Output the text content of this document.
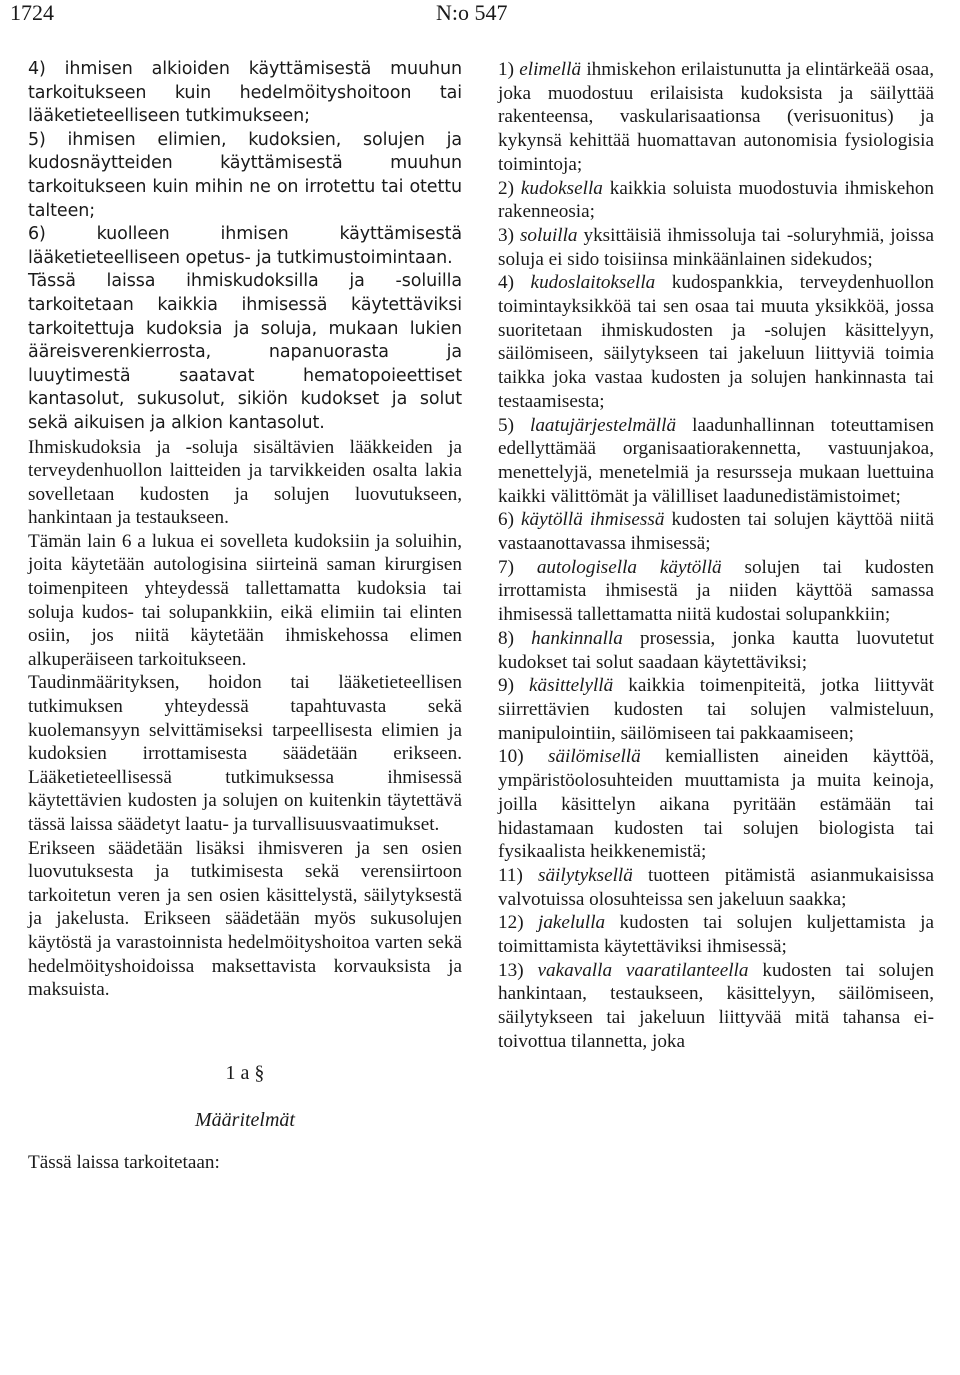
1724	N:o 547

4) ihmisen alkioiden käyttämisestä muuhun tarkoitukseen kuin hedelmöityshoitoon tai lääketieteelliseen tutkimukseen;

5) ihmisen elimien, kudoksien, solujen ja kudosnäytteiden käyttämisestä muuhun tarkoitukseen kuin mihin ne on irrotettu tai otettu talteen;

6) kuolleen ihmisen käyttämisestä lääketieteelliseen opetus- ja tutkimustoimintaan.

Tässä laissa ihmiskudoksilla ja -soluilla tarkoitetaan kaikkia ihmisessä käytettäviksi tarkoitettuja kudoksia ja soluja, mukaan lukien ääreisverenkierrosta, napanuorasta ja luuytimestä saatavat hematopoieettiset kantasolut, sukusolut, sikiön kudokset ja solut sekä aikuisen ja alkion kantasolut.

Ihmiskudoksia ja -soluja sisältävien lääkkeiden ja terveydenhuollon laitteiden ja tarvikkeiden osalta lakia sovelletaan kudosten ja solujen luovutukseen, hankintaan ja testaukseen.

Tämän lain 6 a lukua ei sovelleta kudoksiin ja soluihin, joita käytetään autologisina siirteinä saman kirurgisen toimenpiteen yhteydessä tallettamatta kudoksia tai soluja kudos- tai solupankkiin, eikä elimiin tai elinten osiin, jos niitä käytetään ihmiskehossa elimen alkuperäiseen tarkoitukseen.

Taudinmäärityksen, hoidon tai lääketieteellisen tutkimuksen yhteydessä tapahtuvasta sekä kuolemansyyn selvittämiseksi tarpeellisesta elimien ja kudoksien irrottamisesta säädetään erikseen. Lääketieteellisessä tutkimuksessa ihmisessä käytettävien kudosten ja solujen on kuitenkin täytettävä tässä laissa säädetyt laatu- ja turvallisuusvaatimukset.

Erikseen säädetään lisäksi ihmisveren ja sen osien luovutuksesta ja tutkimisesta sekä verensiirtoon tarkoitetun veren ja sen osien käsittelystä, säilytyksestä ja jakelusta. Erikseen säädetään myös sukusolujen käytöstä ja varastoinnista hedelmöityshoitoa varten sekä hedelmöityshoidoissa maksettavista korvauksista ja maksuista.

1 a §
Määritelmät
Tässä laissa tarkoitetaan:

1) elimellä ihmiskehon erilaistunutta ja elintärkeää osaa, joka muodostuu erilaisista kudoksista ja säilyttää rakenteensa, vaskularisaationsa (verisuonitus) ja kykynsä kehittää huomattavan autonomisia fysiologisia toimintoja;

2) kudoksella kaikkia soluista muodostuvia ihmiskehon rakenneosia;

3) soluilla yksittäisiä ihmissoluja tai -soluryhmiä, joissa soluja ei sido toisiinsa minkäänlainen sidekudos;

4) kudoslaitoksella kudospankkia, terveydenhuollon toimintayksikköä tai sen osaa tai muuta yksikköä, jossa suoritetaan ihmiskudosten ja -solujen käsittelyyn, säilömiseen, säilytykseen tai jakeluun liittyviä toimia taikka joka vastaa kudosten ja solujen hankinnasta tai testaamisesta;

5) laatujärjestelmällä laadunhallinnan toteuttamisen edellyttämää organisaatiorakennetta, vastuunjakoa, menettelyjä, menetelmiä ja resursseja mukaan luettuina kaikki välittömät ja välilliset laadunedistämistoimet;

6) käytöllä ihmisessä kudosten tai solujen käyttöä niitä vastaanottavassa ihmisessä;

7) autologisella käytöllä solujen tai kudosten irrottamista ihmisestä ja niiden käyttöä samassa ihmisessä tallettamatta niitä kudostai solupankkiin;

8) hankinnalla prosessia, jonka kautta luovutetut kudokset tai solut saadaan käytettäviksi;

9) käsittelyllä kaikkia toimenpiteitä, jotka liittyvät siirrettävien kudosten tai solujen valmisteluun, manipulointiin, säilömiseen tai pakkaamiseen;

10) säilömisellä kemiallisten aineiden käyttöä, ympäristöolosuhteiden muuttamista ja muita keinoja, joilla käsittelyn aikana pyritään estämään tai hidastamaan kudosten tai solujen biologista tai fysikaalista heikkenemistä;

11) säilytyksellä tuotteen pitämistä asianmukaisissa valvotuissa olosuhteissa sen jakeluun saakka;

12) jakelulla kudosten tai solujen kuljettamista ja toimittamista käytettäviksi ihmisessä;

13) vakavalla vaaratilanteella kudosten tai solujen hankintaan, testaukseen, käsittelyyn, säilömiseen, säilytykseen tai jakeluun liittyvää mitä tahansa ei-toivottua tilannetta, joka
